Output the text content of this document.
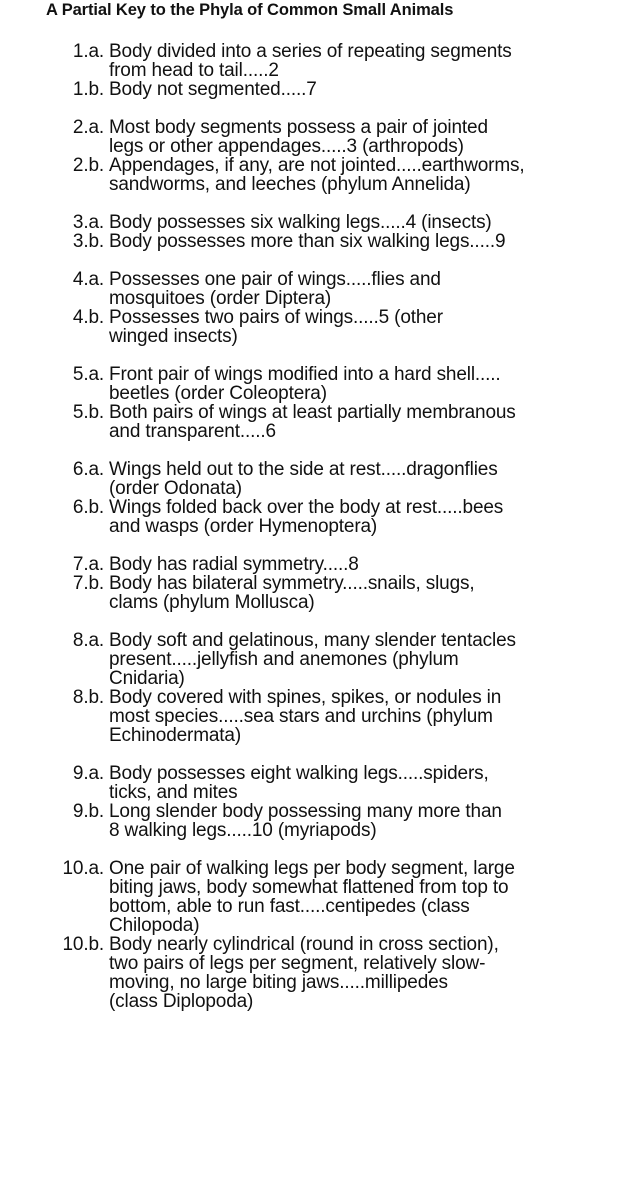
A Partial Key to the Phyla of Common Small Animals
1.a. Body divided into a series of repeating segments
from head to tail.....2
1.b. Body not segmented.....7
2.a. Most body segments possess a pair of jointed
legs or other appendages.....3 (arthropods)
2.b. Appendages, if any, are not jointed.....earthworms,
sandworms, and leeches (phylum Annelida)
3.a. Body possesses six walking legs.....4 (insects)
3.b. Body possesses more than six walking legs.....9
4.a. Possesses one pair of wings.....flies and
mosquitoes (order Diptera)
4.b. Possesses two pairs of wings.....5 (other
winged insects)
5.a. Front pair of wings modified into a hard shell.....
beetles (order Coleoptera)
5.b. Both pairs of wings at least partially membranous
and transparent.....6
6.a. Wings held out to the side at rest.....dragonflies
(order Odonata)
6.b. Wings folded back over the body at rest.....bees
and wasps (order Hymenoptera)
7.a. Body has radial symmetry.....8
7.b. Body has bilateral symmetry.....snails, slugs,
clams (phylum Mollusca)
8.a. Body soft and gelatinous, many slender tentacles
present.....jellyfish and anemones (phylum
Cnidaria)
8.b. Body covered with spines, spikes, or nodules in
most species.....sea stars and urchins (phylum
Echinodermata)
9.a. Body possesses eight walking legs.....spiders,
ticks, and mites
9.b. Long slender body possessing many more than
8 walking legs.....10 (myriapods)
10.a. One pair of walking legs per body segment, large
biting jaws, body somewhat flattened from top to
bottom, able to run fast.....centipedes (class
Chilopoda)
10.b. Body nearly cylindrical (round in cross section),
two pairs of legs per segment, relatively slow-
moving, no large biting jaws.....millipedes
(class Diplopoda)
